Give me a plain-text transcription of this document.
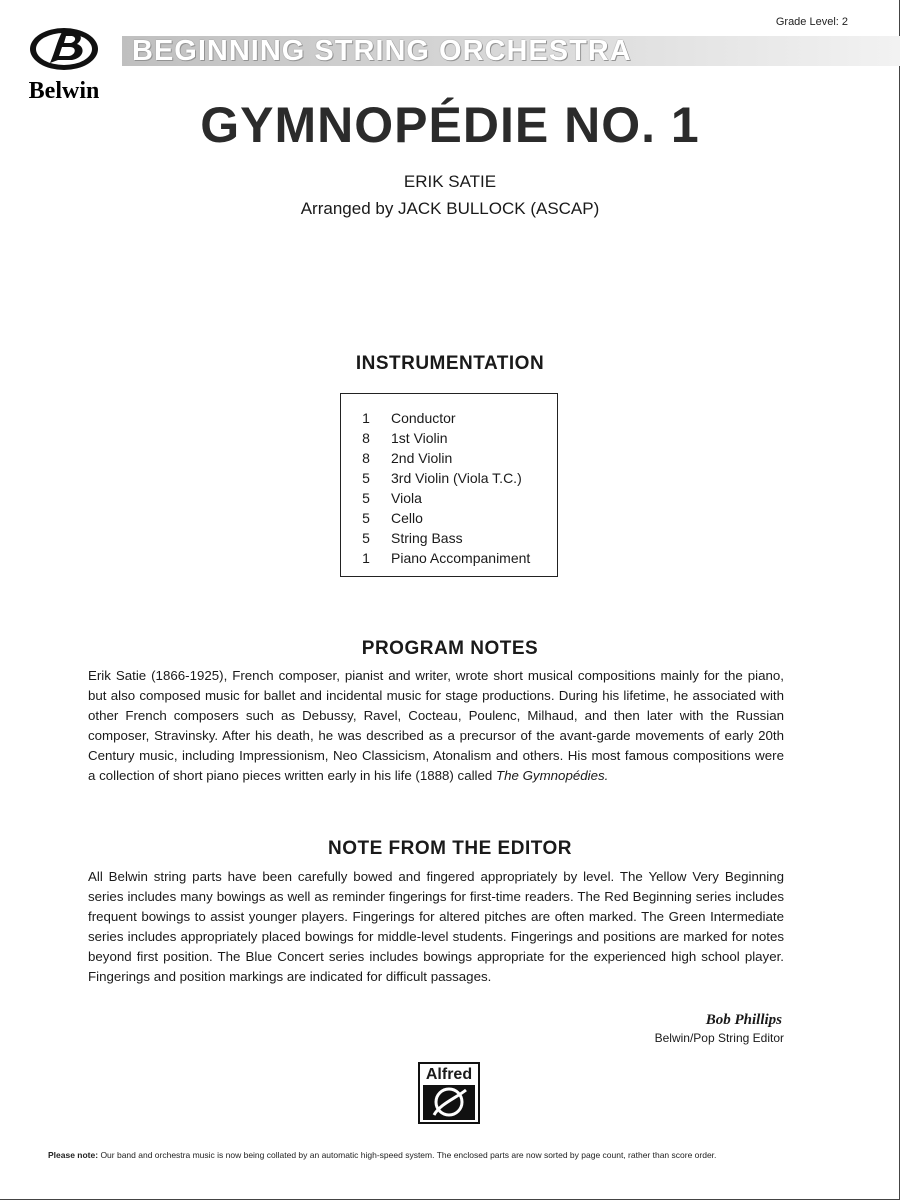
Grade Level: 2
Belwin
BEGINNING STRING ORCHESTRA
GYMNOPÉDIE NO. 1
ERIK SATIE
Arranged by JACK BULLOCK (ASCAP)
INSTRUMENTATION
1	Conductor
8	1st Violin
8	2nd Violin
5	3rd Violin (Viola T.C.)
5	Viola
5	Cello
5	String Bass
1	Piano Accompaniment
PROGRAM NOTES
Erik Satie (1866-1925), French composer, pianist and writer, wrote short musical compositions mainly for the piano, but also composed music for ballet and incidental music for stage productions. During his lifetime, he associated with other French composers such as Debussy, Ravel, Cocteau, Poulenc, Milhaud, and then later with the Russian composer, Stravinsky. After his death, he was described as a precursor of the avant-garde movements of early 20th Century music, including Impressionism, Neo Classicism, Atonalism and others. His most famous compositions were a collection of short piano pieces written early in his life (1888) called The Gymnopédies.
NOTE FROM THE EDITOR
All Belwin string parts have been carefully bowed and fingered appropriately by level. The Yellow Very Beginning series includes many bowings as well as reminder fingerings for first-time readers. The Red Beginning series includes frequent bowings to assist younger players. Fingerings for altered pitches are often marked. The Green Intermediate series includes appropriately placed bowings for middle-level students. Fingerings and positions are marked for notes beyond first position. The Blue Concert series includes bowings appropriate for the experienced high school player. Fingerings and position markings are indicated for difficult passages.
Bob Phillips
Belwin/Pop String Editor
Alfred
Please note: Our band and orchestra music is now being collated by an automatic high-speed system. The enclosed parts are now sorted by page count, rather than score order.
